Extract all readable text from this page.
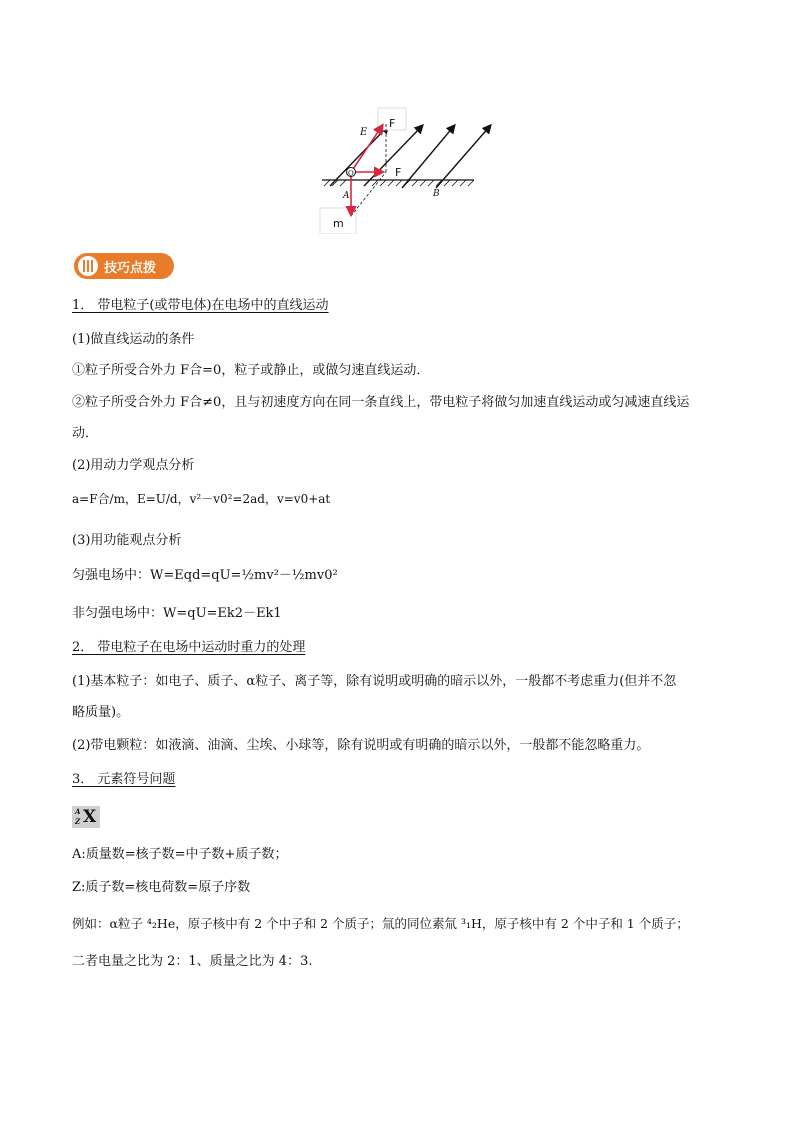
O
F
F
m
E
A	B
技巧点拨
1． 带电粒子(或带电体)在电场中的直线运动
(1)做直线运动的条件
①粒子所受合外力 F合=0，粒子或静止，或做匀速直线运动．
②粒子所受合外力 F合≠0，且与初速度方向在同一条直线上，带电粒子将做匀加速直线运动或匀减速直线运
动．
(2)用动力学观点分析
a=F合/m，E=U/d，v²－v0²=2ad，v=v0+at
(3)用功能观点分析
匀强电场中：W=Eqd=qU=½mv²－½mv0²
非匀强电场中：W=qU=Ek2－Ek1
2． 带电粒子在电场中运动时重力的处理
(1)基本粒子：如电子、质子、α粒子、离子等，除有说明或明确的暗示以外，一般都不考虑重力(但并不忽
略质量)。
(2)带电颗粒：如液滴、油滴、尘埃、小球等，除有说明或有明确的暗示以外，一般都不能忽略重力。
3． 元素符号问题
A
Z X
A:质量数=核子数=中子数+质子数；
Z:质子数=核电荷数=原子序数
例如：α粒子 ⁴₂He，原子核中有 2 个中子和 2 个质子；氚的同位素氚 ³₁H，原子核中有 2 个中子和 1 个质子；
二者电量之比为 2：1、质量之比为 4：3.
